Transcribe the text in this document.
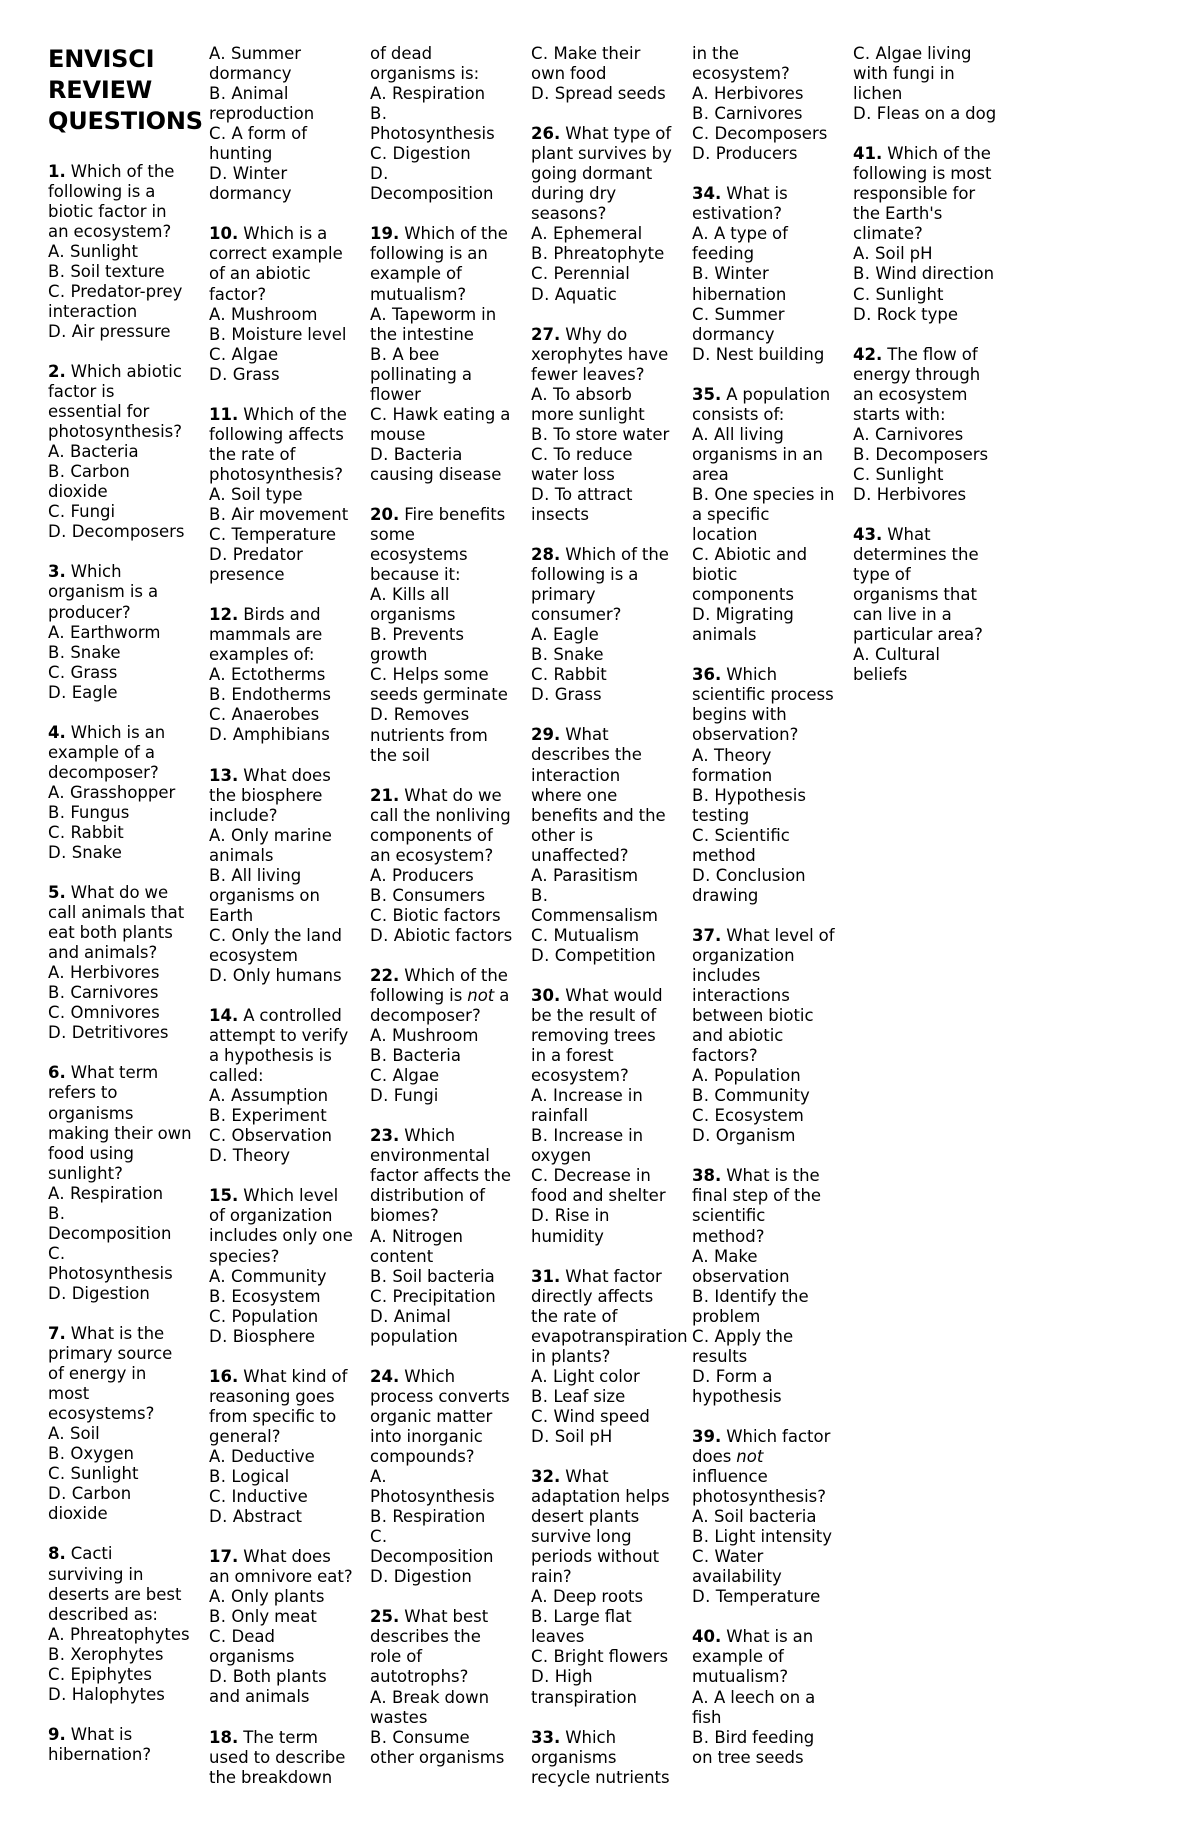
ENVISCI
REVIEW
QUESTIONS

1. Which of the following is a biotic factor in an ecosystem?

A. Sunlight

B. Soil texture

C. Predator-prey interaction

D. Air pressure

2. Which abiotic factor is essential for photosynthesis?

A. Bacteria

B. Carbon dioxide

C. Fungi

D. Decomposers

3. Which organism is a producer?

A. Earthworm

B. Snake

C. Grass

D. Eagle

4. Which is an example of a decomposer?

A. Grasshopper

B. Fungus

C. Rabbit

D. Snake

5. What do we call animals that eat both plants and animals?

A. Herbivores

B. Carnivores

C. Omnivores

D. Detritivores

6. What term refers to organisms making their own food using sunlight?

A. Respiration

B. Decomposition

C. Photosynthesis

D. Digestion

7. What is the primary source of energy in most ecosystems?

A. Soil

B. Oxygen

C. Sunlight

D. Carbon dioxide

8. Cacti surviving in deserts are best described as:

A. Phreatophytes

B. Xerophytes

C. Epiphytes

D. Halophytes

9. What is hibernation?

A. Summer dormancy

B. Animal reproduction

C. A form of hunting

D. Winter dormancy

10. Which is a correct example of an abiotic factor?

A. Mushroom

B. Moisture level

C. Algae

D. Grass

11. Which of the following affects the rate of photosynthesis?

A. Soil type

B. Air movement

C. Temperature

D. Predator presence

12. Birds and mammals are examples of:

A. Ectotherms

B. Endotherms

C. Anaerobes

D. Amphibians

13. What does the biosphere include?

A. Only marine animals

B. All living organisms on Earth

C. Only the land ecosystem

D. Only humans

14. A controlled attempt to verify a hypothesis is called:

A. Assumption

B. Experiment

C. Observation

D. Theory

15. Which level of organization includes only one species?

A. Community

B. Ecosystem

C. Population

D. Biosphere

16. What kind of reasoning goes from specific to general?

A. Deductive

B. Logical

C. Inductive

D. Abstract

17. What does an omnivore eat?

A. Only plants

B. Only meat

C. Dead organisms

D. Both plants and animals

18. The term used to describe the breakdown of dead organisms is:

A. Respiration

B. Photosynthesis

C. Digestion

D. Decomposition

19. Which of the following is an example of mutualism?

A. Tapeworm in the intestine

B. A bee pollinating a flower

C. Hawk eating a mouse

D. Bacteria causing disease

20. Fire benefits some ecosystems because it:

A. Kills all organisms

B. Prevents growth

C. Helps some seeds germinate

D. Removes nutrients from the soil

21. What do we call the nonliving components of an ecosystem?

A. Producers

B. Consumers

C. Biotic factors

D. Abiotic factors

22. Which of the following is not a decomposer?

A. Mushroom

B. Bacteria

C. Algae

D. Fungi

23. Which environmental factor affects the distribution of biomes?

A. Nitrogen content

B. Soil bacteria

C. Precipitation

D. Animal population

24. Which process converts organic matter into inorganic compounds?

A. Photosynthesis

B. Respiration

C. Decomposition

D. Digestion

25. What best describes the role of autotrophs?

A. Break down wastes

B. Consume other organisms

C. Make their own food

D. Spread seeds

26. What type of plant survives by going dormant during dry seasons?

A. Ephemeral

B. Phreatophyte

C. Perennial

D. Aquatic

27. Why do xerophytes have fewer leaves?

A. To absorb more sunlight

B. To store water

C. To reduce water loss

D. To attract insects

28. Which of the following is a primary consumer?

A. Eagle

B. Snake

C. Rabbit

D. Grass

29. What describes the interaction where one benefits and the other is unaffected?

A. Parasitism

B. Commensalism

C. Mutualism

D. Competition

30. What would be the result of removing trees in a forest ecosystem?

A. Increase in rainfall

B. Increase in oxygen

C. Decrease in food and shelter

D. Rise in humidity

31. What factor directly affects the rate of evapotranspiration in plants?

A. Light color

B. Leaf size

C. Wind speed

D. Soil pH

32. What adaptation helps desert plants survive long periods without rain?

A. Deep roots

B. Large flat leaves

C. Bright flowers

D. High transpiration

33. Which organisms recycle nutrients in the ecosystem?

A. Herbivores

B. Carnivores

C. Decomposers

D. Producers

34. What is estivation?

A. A type of feeding

B. Winter hibernation

C. Summer dormancy

D. Nest building

35. A population consists of:

A. All living organisms in an area

B. One species in a specific location

C. Abiotic and biotic components

D. Migrating animals

36. Which scientific process begins with observation?

A. Theory formation

B. Hypothesis testing

C. Scientific method

D. Conclusion drawing

37. What level of organization includes interactions between biotic and abiotic factors?

A. Population

B. Community

C. Ecosystem

D. Organism

38. What is the final step of the scientific method?

A. Make observation

B. Identify the problem

C. Apply the results

D. Form a hypothesis

39. Which factor does not influence photosynthesis?

A. Soil bacteria

B. Light intensity

C. Water availability

D. Temperature

40. What is an example of mutualism?

A. A leech on a fish

B. Bird feeding on tree seeds

C. Algae living with fungi in lichen

D. Fleas on a dog

41. Which of the following is most responsible for the Earth's climate?

A. Soil pH

B. Wind direction

C. Sunlight

D. Rock type

42. The flow of energy through an ecosystem starts with:

A. Carnivores

B. Decomposers

C. Sunlight

D. Herbivores

43. What determines the type of organisms that can live in a particular area?

A. Cultural beliefs
